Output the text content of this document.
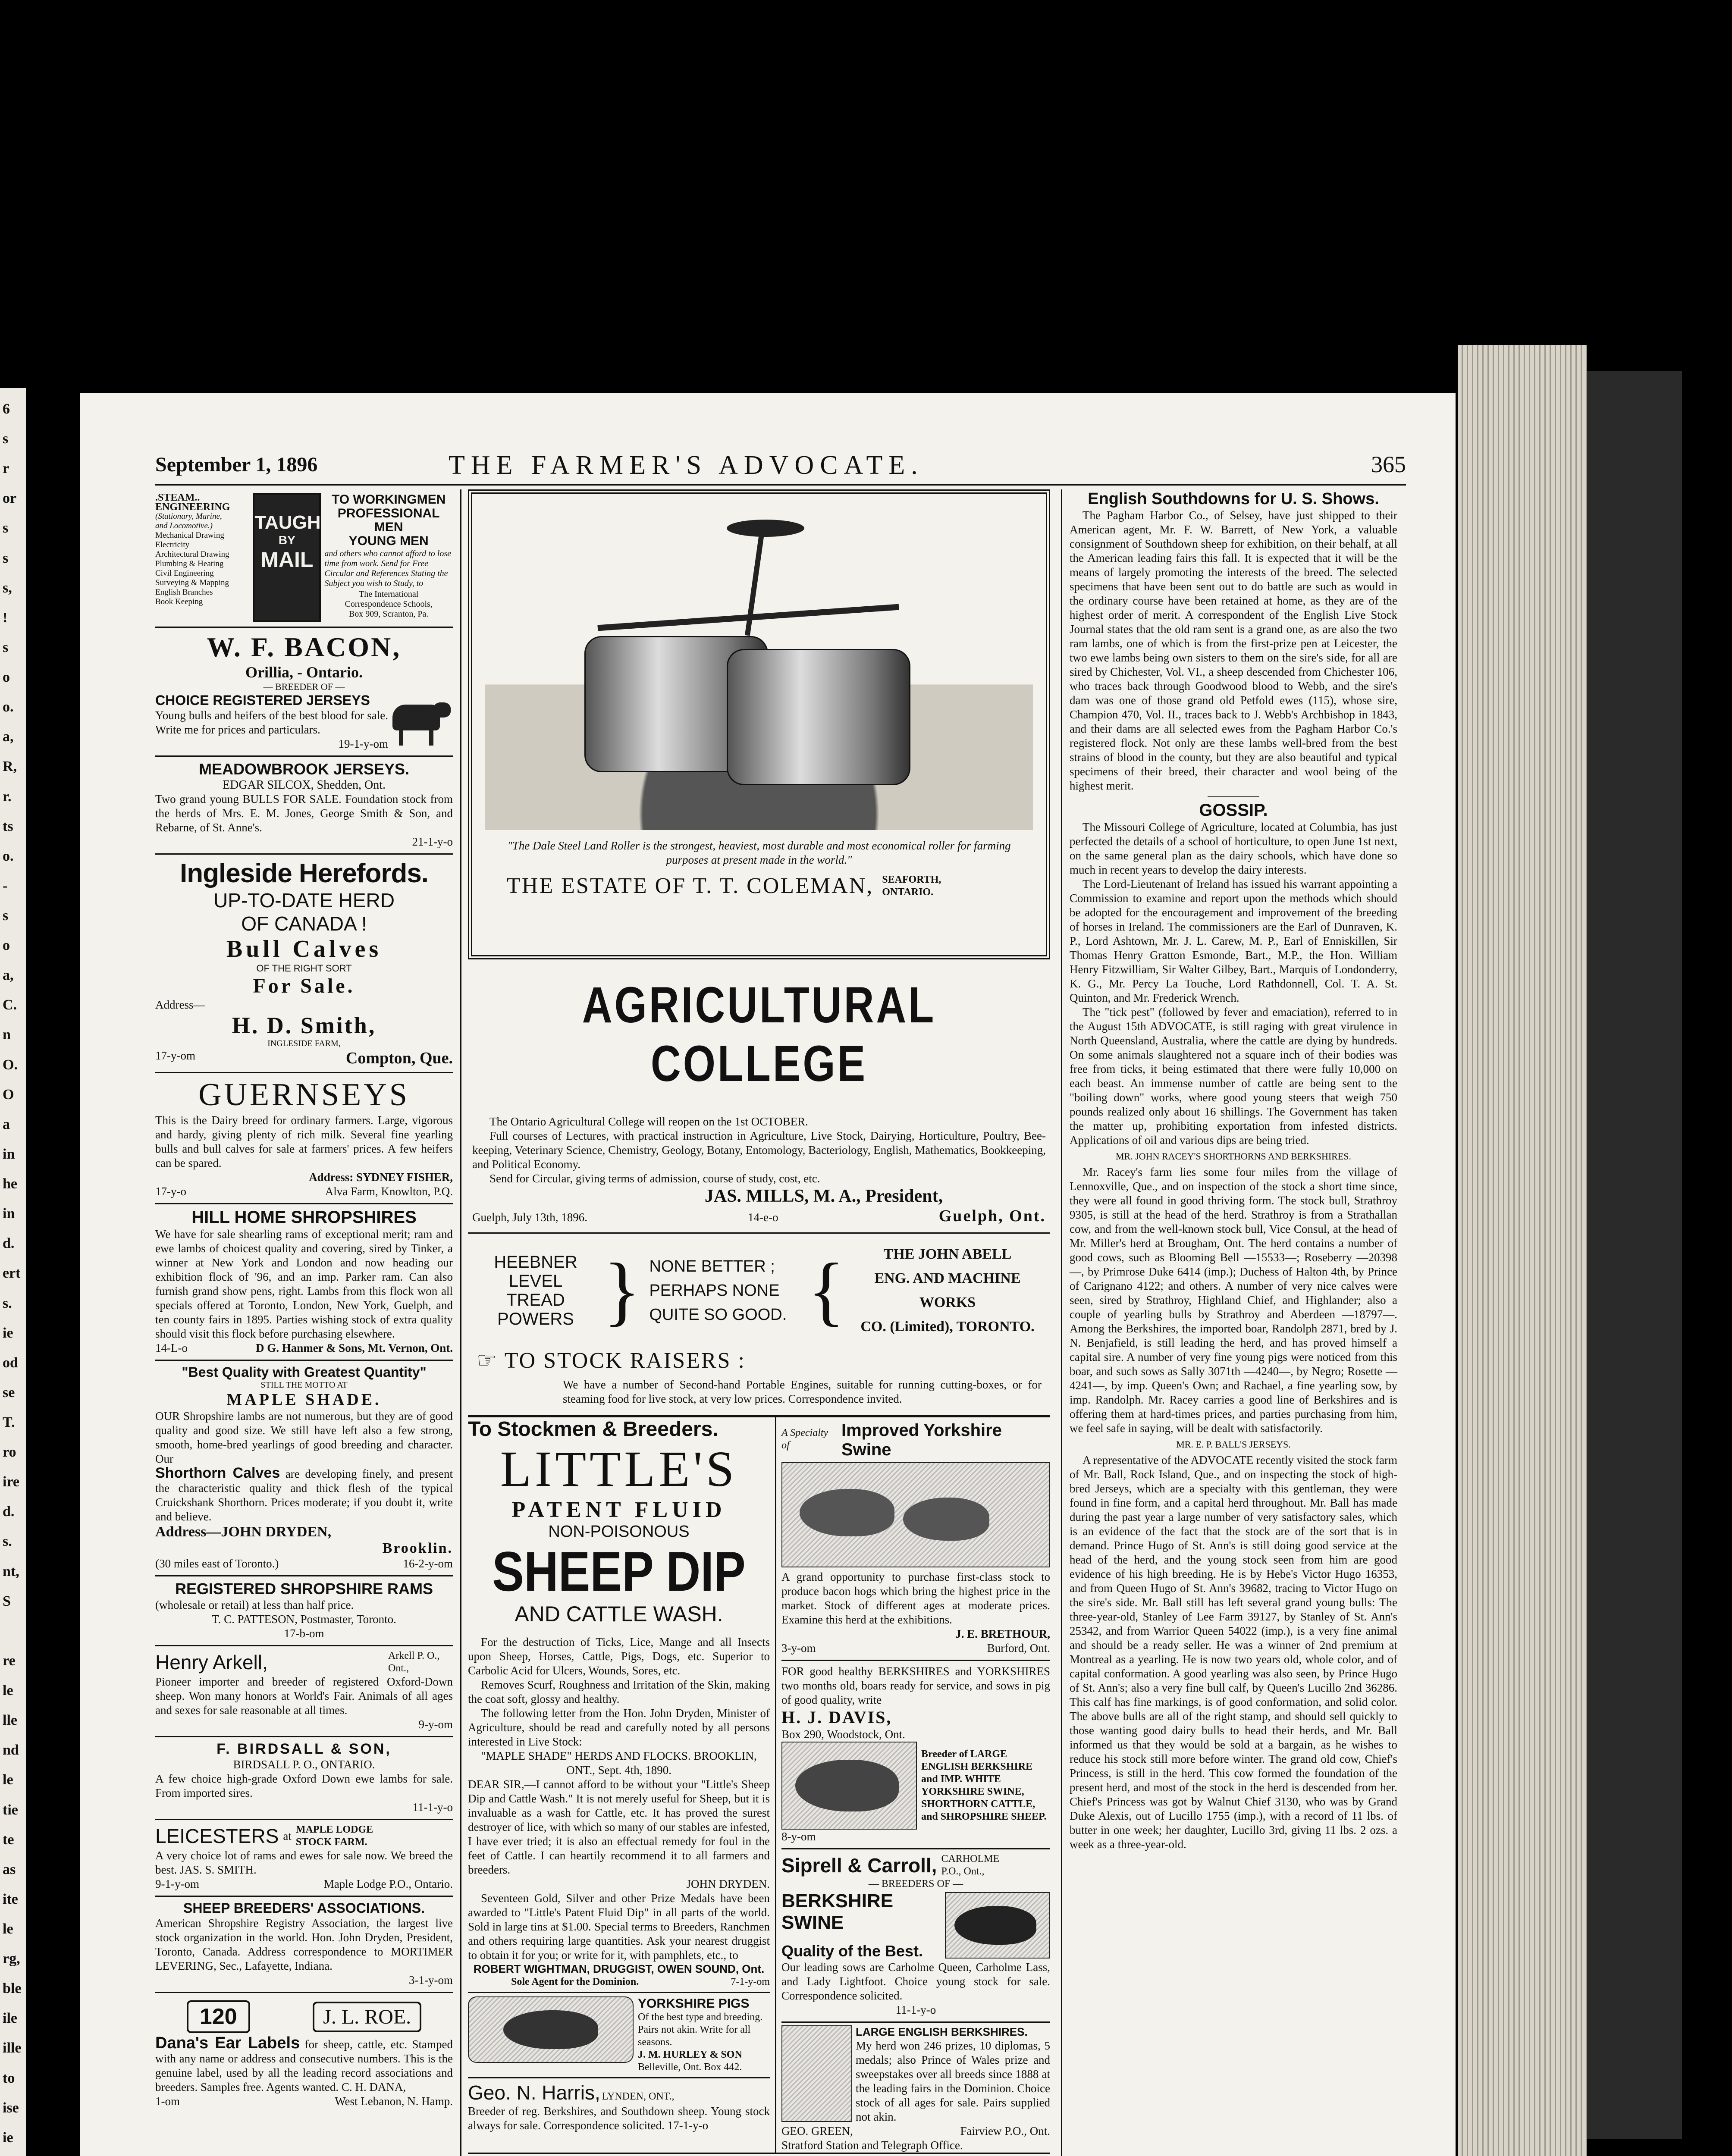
6
s
r
or
s
s
s,
!
s
o
o.
a,
R,
r.
ts
o.
-
s
o
a,
C.
n
O.
O
a
in
he
in
d.
ert
s.
ie
od
se
T.
ro
ire
d.
s.
nt,
S
re
le
lle
nd
le
tie
te
as
ite
le
rg,
ble
ile
ille
to
ise
ie
September 1, 1896	THE FARMER'S ADVOCATE.	365
.STEAM..
ENGINEERING
(Stationary, Marine,
and Locomotive.)
Mechanical Drawing
Electricity
Architectural Drawing
Plumbing & Heating
Civil Engineering
Surveying & Mapping
English Branches
Book Keeping
TAUGHT
BY
MAIL
TO WORKINGMEN
PROFESSIONAL MEN
YOUNG MEN

and others who cannot afford to lose time from work. Send for Free Circular and References Stating the Subject you wish to Study, to

The International
Correspondence Schools,
Box 909, Scranton, Pa.
W. F. BACON,
Orillia, - Ontario.
— BREEDER OF —
CHOICE REGISTERED JERSEYS

Young bulls and heifers of the best blood for sale. Write me for prices and particulars.

19-1-y-om
MEADOWBROOK JERSEYS.
EDGAR SILCOX, Shedden, Ont.

Two grand young BULLS FOR SALE. Foundation stock from the herds of Mrs. E. M. Jones, George Smith & Son, and Rebarne, of St. Anne's.

21-1-y-o
Ingleside Herefords.
UP-TO-DATE HERD
OF CANADA !
Bull Calves
OF THE RIGHT SORT
For Sale.
Address—
H. D. Smith,
INGLESIDE FARM,
17-y-om	Compton, Que.
GUERNSEYS

This is the Dairy breed for ordinary farmers. Large, vigorous and hardy, giving plenty of rich milk. Several fine yearling bulls and bull calves for sale at farmers' prices. A few heifers can be spared.

Address: SYDNEY FISHER,
17-y-o	Alva Farm, Knowlton, P.Q.
HILL HOME SHROPSHIRES

We have for sale shearling rams of exceptional merit; ram and ewe lambs of choicest quality and covering, sired by Tinker, a winner at New York and London and now heading our exhibition flock of '96, and an imp. Parker ram. Can also furnish grand show pens, right. Lambs from this flock won all specials offered at Toronto, London, New York, Guelph, and ten county fairs in 1895. Parties wishing stock of extra quality should visit this flock before purchasing elsewhere.

14-L-o	D G. Hanmer & Sons, Mt. Vernon, Ont.
"Best Quality with Greatest Quantity"
STILL THE MOTTO AT
MAPLE SHADE.

OUR Shropshire lambs are not numerous, but they are of good quality and good size. We still have left also a few strong, smooth, home-bred yearlings of good breeding and character. Our

Shorthorn Calves are developing finely, and present the characteristic quality and thick flesh of the typical Cruickshank Shorthorn. Prices moderate; if you doubt it, write and believe.

Address—JOHN DRYDEN,
Brooklin.
(30 miles east of Toronto.)	16-2-y-om
REGISTERED SHROPSHIRE RAMS
(wholesale or retail) at less than half price.
T. C. PATTESON, Postmaster, Toronto.
17-b-om
Henry Arkell,	Arkell P. O., Ont.,

Pioneer importer and breeder of registered Oxford-Down sheep. Won many honors at World's Fair. Animals of all ages and sexes for sale reasonable at all times.

9-y-om
F. BIRDSALL & SON,
BIRDSALL P. O., ONTARIO.

A few choice high-grade Oxford Down ewe lambs for sale. From imported sires.

11-1-y-o
LEICESTERS at MAPLE LODGE STOCK FARM.

A very choice lot of rams and ewes for sale now. We breed the best. JAS. S. SMITH.

9-1-y-om	Maple Lodge P.O., Ontario.
SHEEP BREEDERS' ASSOCIATIONS.

American Shropshire Registry Association, the largest live stock organization in the world. Hon. John Dryden, President, Toronto, Canada. Address correspondence to MORTIMER LEVERING, Sec., Lafayette, Indiana.

3-1-y-om
120	J. L. ROE.

Dana's Ear Labels for sheep, cattle, etc. Stamped with any name or address and consecutive numbers. This is the genuine label, used by all the leading record associations and breeders. Samples free. Agents wanted. C. H. DANA,

1-om	West Lebanon, N. Hamp.

"The Dale Steel Land Roller is the strongest, heaviest, most durable and most economical roller for farming purposes at present made in the world."

THE ESTATE OF T. T. COLEMAN, SEAFORTH,
ONTARIO.
AGRICULTURAL COLLEGE

The Ontario Agricultural College will reopen on the 1st OCTOBER.

Full courses of Lectures, with practical instruction in Agriculture, Live Stock, Dairying, Horticulture, Poultry, Bee-keeping, Veterinary Science, Chemistry, Geology, Botany, Entomology, Bacteriology, English, Mathematics, Bookkeeping, and Political Economy.

Send for Circular, giving terms of admission, course of study, cost, etc.

JAS. MILLS, M. A., President,
Guelph, July 13th, 1896.	14-e-o	Guelph, Ont.
HEEBNER
LEVEL
TREAD
POWERS } NONE BETTER ;
PERHAPS NONE
QUITE SO GOOD. {	THE JOHN ABELL
ENG. AND MACHINE WORKS
CO. (Limited), TORONTO.
☞ TO STOCK RAISERS :

We have a number of Second-hand Portable Engines, suitable for running cutting-boxes, or for steaming food for live stock, at very low prices. Correspondence invited.

To Stockmen & Breeders.
LITTLE'S
PATENT FLUID
NON-POISONOUS
SHEEP DIP
AND CATTLE WASH.

For the destruction of Ticks, Lice, Mange and all Insects upon Sheep, Horses, Cattle, Pigs, Dogs, etc. Superior to Carbolic Acid for Ulcers, Wounds, Sores, etc.

Removes Scurf, Roughness and Irritation of the Skin, making the coat soft, glossy and healthy.

The following letter from the Hon. John Dryden, Minister of Agriculture, should be read and carefully noted by all persons interested in Live Stock:

"MAPLE SHADE" HERDS AND FLOCKS. BROOKLIN, ONT., Sept. 4th, 1890.

DEAR SIR,—I cannot afford to be without your "Little's Sheep Dip and Cattle Wash." It is not merely useful for Sheep, but it is invaluable as a wash for Cattle, etc. It has proved the surest destroyer of lice, with which so many of our stables are infested, I have ever tried; it is also an effectual remedy for foul in the feet of Cattle. I can heartily recommend it to all farmers and breeders.

JOHN DRYDEN.

Seventeen Gold, Silver and other Prize Medals have been awarded to "Little's Patent Fluid Dip" in all parts of the world. Sold in large tins at $1.00. Special terms to Breeders, Ranchmen and others requiring large quantities. Ask your nearest druggist to obtain it for you; or write for it, with pamphlets, etc., to

ROBERT WIGHTMAN, DRUGGIST, OWEN SOUND, Ont.
Sole Agent for the Dominion.	7-1-y-om
YORKSHIRE PIGS
Of the best type and breeding. Pairs not akin. Write for all seasons.
J. M. HURLEY & SON
Belleville, Ont. Box 442.
Geo. N. Harris, LYNDEN, ONT.,

Breeder of reg. Berkshires, and Southdown sheep. Young stock always for sale. Correspondence solicited. 17-1-y-o

A Specialty of
Improved Yorkshire Swine

A grand opportunity to purchase first-class stock to produce bacon hogs which bring the highest price in the market. Stock of different ages at moderate prices. Examine this herd at the exhibitions.

J. E. BRETHOUR,
3-y-om	Burford, Ont.

FOR good healthy BERKSHIRES and YORKSHIRES two months old, boars ready for service, and sows in pig of good quality, write

H. J. DAVIS,
Box 290, Woodstock, Ont.
Breeder of LARGE ENGLISH BERKSHIRE and IMP. WHITE YORKSHIRE SWINE, SHORTHORN CATTLE, and SHROPSHIRE SHEEP.
8-y-om
Siprell & Carroll, CARHOLME P.O., Ont.,
— BREEDERS OF —
BERKSHIRE SWINE
Quality of the Best.

Our leading sows are Carholme Queen, Carholme Lass, and Lady Lightfoot. Choice young stock for sale. Correspondence solicited.

11-1-y-o
LARGE ENGLISH BERKSHIRES.

My herd won 246 prizes, 10 diplomas, 5 medals; also Prince of Wales prize and sweepstakes over all breeds since 1888 at the leading fairs in the Dominion. Choice stock of all ages for sale. Pairs supplied not akin.

GEO. GREEN,	Fairview P.O., Ont.
Stratford Station and Telegraph Office.
English Southdowns for U. S. Shows.

The Pagham Harbor Co., of Selsey, have just shipped to their American agent, Mr. F. W. Barrett, of New York, a valuable consignment of Southdown sheep for exhibition, on their behalf, at all the American leading fairs this fall. It is expected that it will be the means of largely promoting the interests of the breed. The selected specimens that have been sent out to do battle are such as would in the ordinary course have been retained at home, as they are of the highest order of merit. A correspondent of the English Live Stock Journal states that the old ram sent is a grand one, as are also the two ram lambs, one of which is from the first-prize pen at Leicester, the two ewe lambs being own sisters to them on the sire's side, for all are sired by Chichester, Vol. VI., a sheep descended from Chichester 106, who traces back through Goodwood blood to Webb, and the sire's dam was one of those grand old Petfold ewes (115), whose sire, Champion 470, Vol. II., traces back to J. Webb's Archbishop in 1843, and their dams are all selected ewes from the Pagham Harbor Co.'s registered flock. Not only are these lambs well-bred from the best strains of blood in the county, but they are also beautiful and typical specimens of their breed, their character and wool being of the highest merit.

GOSSIP.

The Missouri College of Agriculture, located at Columbia, has just perfected the details of a school of horticulture, to open June 1st next, on the same general plan as the dairy schools, which have done so much in recent years to develop the dairy interests.

The Lord-Lieutenant of Ireland has issued his warrant appointing a Commission to examine and report upon the methods which should be adopted for the encouragement and improvement of the breeding of horses in Ireland. The commissioners are the Earl of Dunraven, K. P., Lord Ashtown, Mr. J. L. Carew, M. P., Earl of Enniskillen, Sir Thomas Henry Gratton Esmonde, Bart., M.P., the Hon. William Henry Fitzwilliam, Sir Walter Gilbey, Bart., Marquis of Londonderry, K. G., Mr. Percy La Touche, Lord Rathdonnell, Col. T. A. St. Quinton, and Mr. Frederick Wrench.

The "tick pest" (followed by fever and emaciation), referred to in the August 15th ADVOCATE, is still raging with great virulence in North Queensland, Australia, where the cattle are dying by hundreds. On some animals slaughtered not a square inch of their bodies was free from ticks, it being estimated that there were fully 10,000 on each beast. An immense number of cattle are being sent to the "boiling down" works, where good young steers that weigh 750 pounds realized only about 16 shillings. The Government has taken the matter up, prohibiting exportation from infested districts. Applications of oil and various dips are being tried.

MR. JOHN RACEY'S SHORTHORNS AND BERKSHIRES.

Mr. Racey's farm lies some four miles from the village of Lennoxville, Que., and on inspection of the stock a short time since, they were all found in good thriving form. The stock bull, Strathroy 9305, is still at the head of the herd. Strathroy is from a Strathallan cow, and from the well-known stock bull, Vice Consul, at the head of Mr. Miller's herd at Brougham, Ont. The herd contains a number of good cows, such as Blooming Bell —15533—; Roseberry —20398—, by Primrose Duke 6414 (imp.); Duchess of Halton 4th, by Prince of Carignano 4122; and others. A number of very nice calves were seen, sired by Strathroy, Highland Chief, and Highlander; also a couple of yearling bulls by Strathroy and Aberdeen —18797—. Among the Berkshires, the imported boar, Randolph 2871, bred by J. N. Benjafield, is still leading the herd, and has proved himself a capital sire. A number of very fine young pigs were noticed from this boar, and such sows as Sally 3071th —4240—, by Negro; Rosette —4241—, by imp. Queen's Own; and Rachael, a fine yearling sow, by imp. Randolph. Mr. Racey carries a good line of Berkshires and is offering them at hard-times prices, and parties purchasing from him, we feel safe in saying, will be dealt with satisfactorily.

MR. E. P. BALL'S JERSEYS.

A representative of the ADVOCATE recently visited the stock farm of Mr. Ball, Rock Island, Que., and on inspecting the stock of high-bred Jerseys, which are a specialty with this gentleman, they were found in fine form, and a capital herd throughout. Mr. Ball has made during the past year a large number of very satisfactory sales, which is an evidence of the fact that the stock are of the sort that is in demand. Prince Hugo of St. Ann's is still doing good service at the head of the herd, and the young stock seen from him are good evidence of his high breeding. He is by Hebe's Victor Hugo 16353, and from Queen Hugo of St. Ann's 39682, tracing to Victor Hugo on the sire's side. Mr. Ball still has left several grand young bulls: The three-year-old, Stanley of Lee Farm 39127, by Stanley of St. Ann's 25342, and from Warrior Queen 54022 (imp.), is a very fine animal and should be a ready seller. He was a winner of 2nd premium at Montreal as a yearling. He is now two years old, whole color, and of capital conformation. A good yearling was also seen, by Prince Hugo of St. Ann's; also a very fine bull calf, by Queen's Lucillo 2nd 36286. This calf has fine markings, is of good conformation, and solid color. The above bulls are all of the right stamp, and should sell quickly to those wanting good dairy bulls to head their herds, and Mr. Ball informed us that they would be sold at a bargain, as he wishes to reduce his stock still more before winter. The grand old cow, Chief's Princess, is still in the herd. This cow formed the foundation of the present herd, and most of the stock in the herd is descended from her. Chief's Princess was got by Walnut Chief 3130, who was by Grand Duke Alexis, out of Lucillo 1755 (imp.), with a record of 11 lbs. of butter in one week; her daughter, Lucillo 3rd, giving 11 lbs. 2 ozs. a week as a three-year-old.
